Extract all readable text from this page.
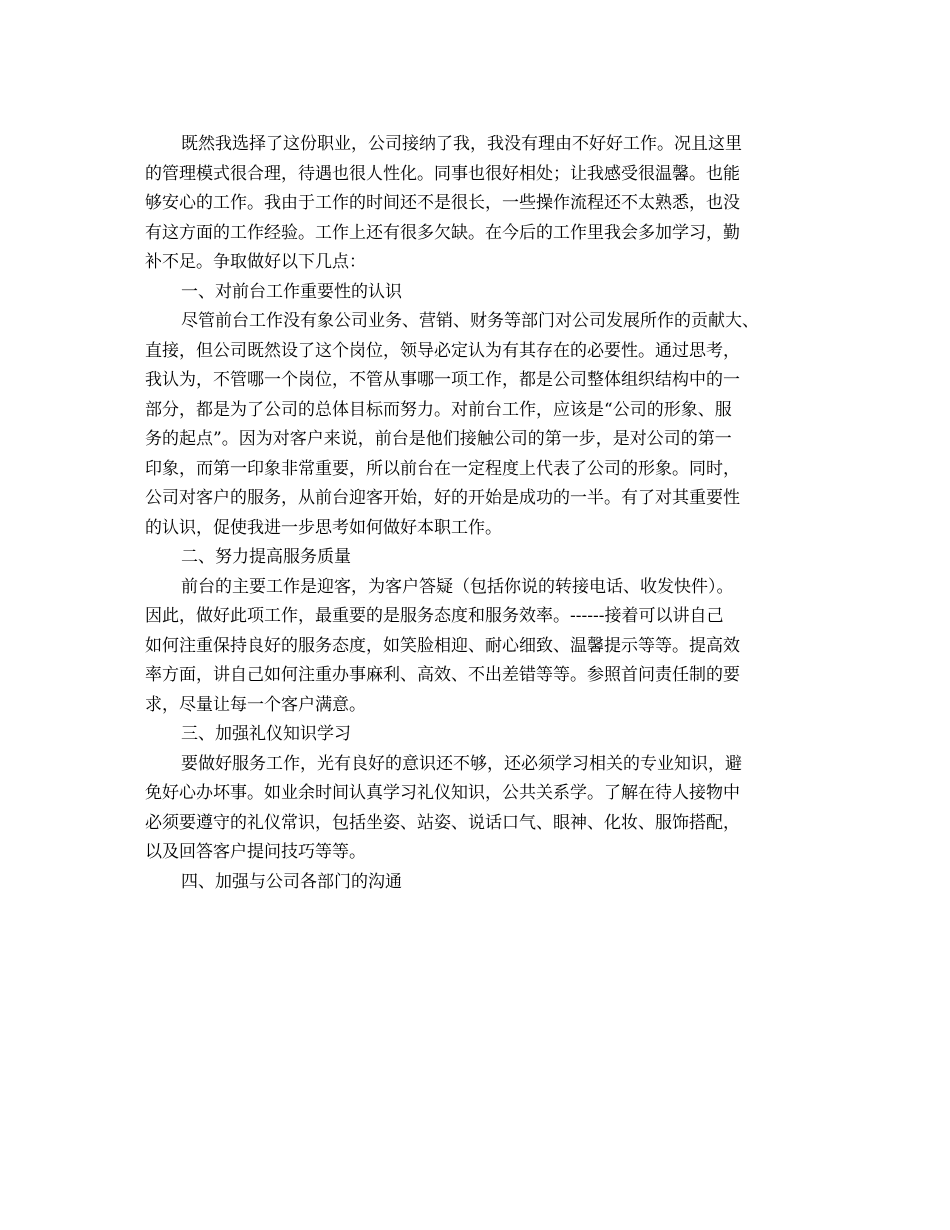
既然我选择了这份职业，公司接纳了我，我没有理由不好好工作。况且这里
的管理模式很合理，待遇也很人性化。同事也很好相处；让我感受很温馨。也能
够安心的工作。我由于工作的时间还不是很长，一些操作流程还不太熟悉，也没
有这方面的工作经验。工作上还有很多欠缺。在今后的工作里我会多加学习，勤
补不足。争取做好以下几点：
一、对前台工作重要性的认识
尽管前台工作没有象公司业务、营销、财务等部门对公司发展所作的贡献大、
直接，但公司既然设了这个岗位，领导必定认为有其存在的必要性。通过思考，
我认为，不管哪一个岗位，不管从事哪一项工作，都是公司整体组织结构中的一
部分，都是为了公司的总体目标而努力。对前台工作，应该是“公司的形象、服
务的起点”。因为对客户来说，前台是他们接触公司的第一步，是对公司的第一
印象，而第一印象非常重要，所以前台在一定程度上代表了公司的形象。同时，
公司对客户的服务，从前台迎客开始，好的开始是成功的一半。有了对其重要性
的认识，促使我进一步思考如何做好本职工作。
二、努力提高服务质量
前台的主要工作是迎客，为客户答疑（包括你说的转接电话、收发快件）。
因此，做好此项工作，最重要的是服务态度和服务效率。------接着可以讲自己
如何注重保持良好的服务态度，如笑脸相迎、耐心细致、温馨提示等等。提高效
率方面，讲自己如何注重办事麻利、高效、不出差错等等。参照首问责任制的要
求，尽量让每一个客户满意。
三、加强礼仪知识学习
要做好服务工作，光有良好的意识还不够，还必须学习相关的专业知识，避
免好心办坏事。如业余时间认真学习礼仪知识，公共关系学。了解在待人接物中
必须要遵守的礼仪常识，包括坐姿、站姿、说话口气、眼神、化妆、服饰搭配，
以及回答客户提问技巧等等。
四、加强与公司各部门的沟通
